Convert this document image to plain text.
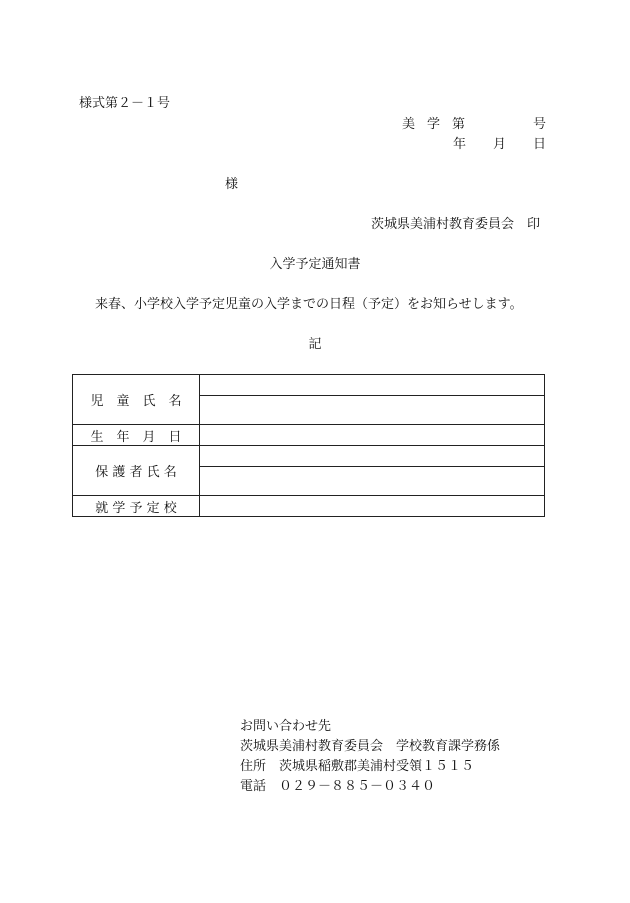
様式第２－１号
美 学 第	号
年 月 日
様
茨城県美浦村教育委員会　印
入学予定通知書
来春、小学校入学予定児童の入学までの日程（予定）をお知らせします。
記
児　童　氏　名	

生　年　月　日	
保 護 者 氏 名	

就 学 予 定 校	
お問い合わせ先
茨城県美浦村教育委員会　学校教育課学務係
住所　茨城県稲敷郡美浦村受領１５１５
電話　０２９－８８５－０３４０
